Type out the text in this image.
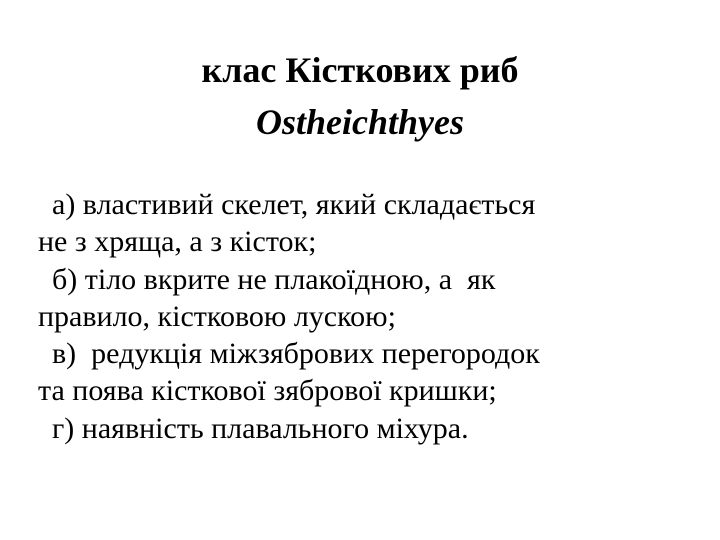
клас Кісткових риб
Ostheichthyes
а) властивий скелет, який складається
не з хряща, а з кісток;
б) тіло вкрите не плакоїдною, а  як
правило, кістковою лускою;
в)  редукція міжзябрових перегородок
та поява кісткової зябрової кришки;
г) наявність плавального міхура.
